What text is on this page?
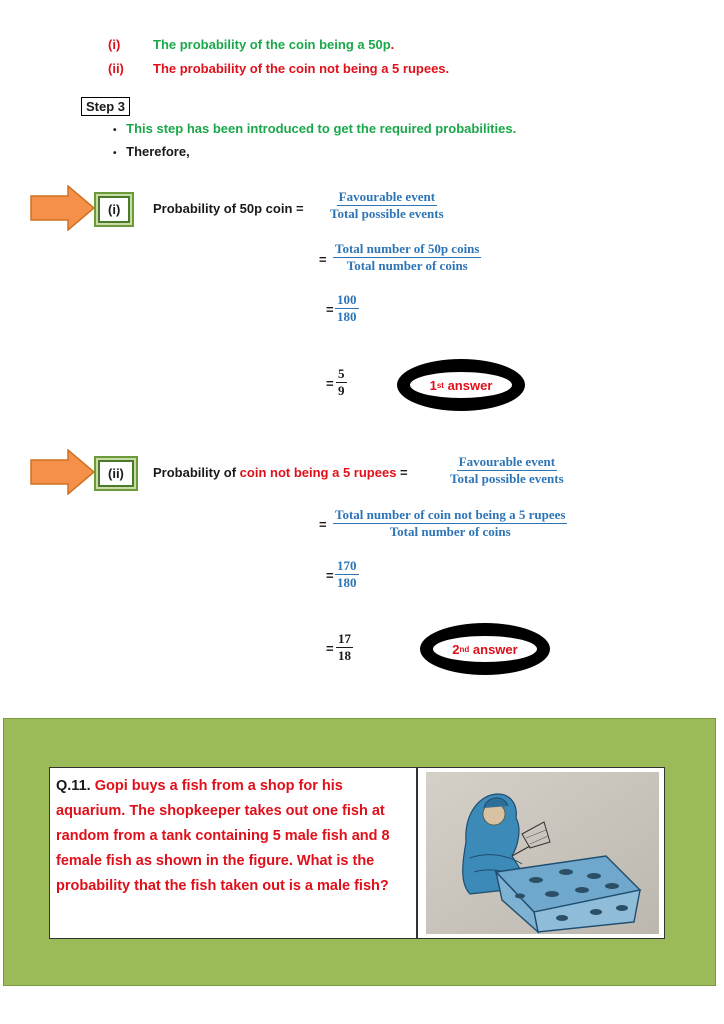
(i)	The probability of the coin being a 50p.
(ii) The probability of the coin not being a 5 rupees.
Step 3
• This step has been introduced to get the required probabilities.
• Therefore,
(i)	Probability of 50p coin =
Favourable event
Total possible events
=
Total number of 50p coins
Total number of coins
= $\frac{100}{180}$
= $\frac{5}{9}$	1 st answer
(ii)	Probability of coin not being a 5 rupees =
Favourable event
Total possible events
=
Total number of coin not being a 5 rupees
Total number of coins
= $\frac{170}{180}$
= $\frac{17}{18}$	2 nd answer
Q.11. Gopi buys a fish from a shop for his aquarium. The shopkeeper takes out one fish at random from a tank containing 5 male fish and 8 female fish as shown in the figure. What is the probability that the fish taken out is a male fish?
